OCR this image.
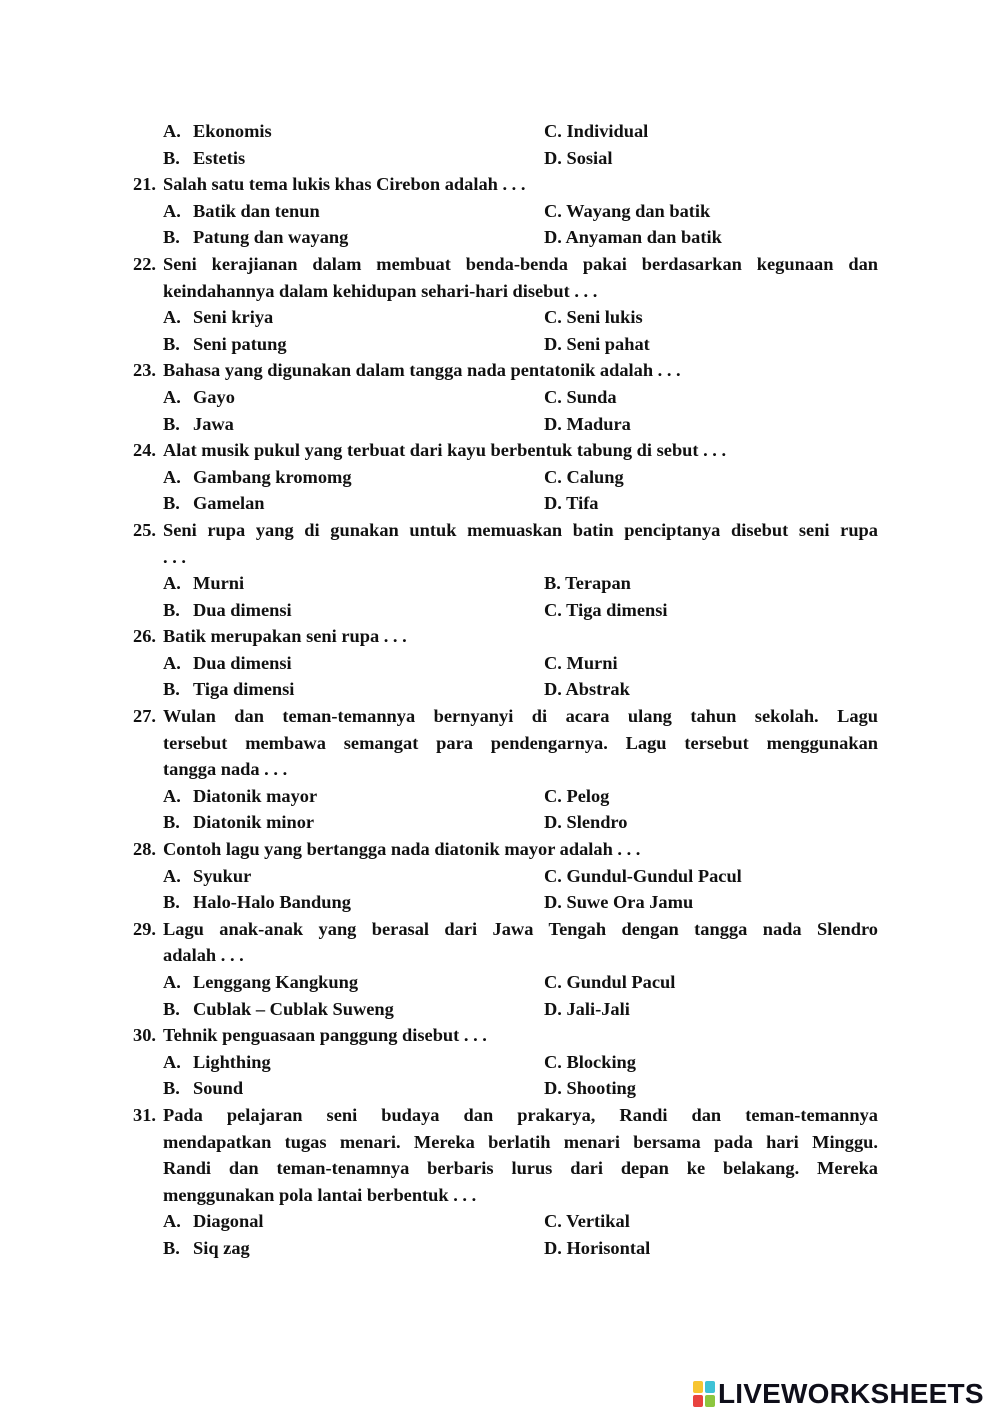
A. Ekonomis	C. Individual
B. Estetis	D. Sosial
21. Salah satu tema lukis khas Cirebon adalah . . .
A. Batik dan tenun	C. Wayang dan batik
B. Patung dan wayang	D. Anyaman dan batik
22. Seni kerajianan dalam membuat benda-benda pakai berdasarkan kegunaan dan
keindahannya dalam kehidupan sehari-hari disebut . . .
A. Seni kriya	C. Seni lukis
B. Seni patung	D. Seni pahat
23. Bahasa yang digunakan dalam tangga nada pentatonik adalah . . .
A. Gayo	C. Sunda
B. Jawa	D. Madura
24. Alat musik pukul yang terbuat dari kayu berbentuk tabung di sebut . . .
A. Gambang kromomg	C. Calung
B. Gamelan	D. Tifa
25. Seni rupa yang di gunakan untuk memuaskan batin penciptanya disebut seni rupa
. . .
A. Murni	B. Terapan
B. Dua dimensi	C. Tiga dimensi
26. Batik merupakan seni rupa . . .
A. Dua dimensi	C. Murni
B. Tiga dimensi	D. Abstrak
27. Wulan dan teman-temannya bernyanyi di acara ulang tahun sekolah. Lagu
tersebut membawa semangat para pendengarnya. Lagu tersebut menggunakan
tangga nada . . .
A. Diatonik mayor	C. Pelog
B. Diatonik minor	D. Slendro
28. Contoh lagu yang bertangga nada diatonik mayor adalah . . .
A. Syukur	C. Gundul-Gundul Pacul
B. Halo-Halo Bandung	D. Suwe Ora Jamu
29. Lagu anak-anak yang berasal dari Jawa Tengah dengan tangga nada Slendro
adalah . . .
A. Lenggang Kangkung	C. Gundul Pacul
B. Cublak – Cublak Suweng	D. Jali-Jali
30. Tehnik penguasaan panggung disebut . . .
A. Lighthing	C. Blocking
B. Sound	D. Shooting
31. Pada pelajaran seni budaya dan prakarya, Randi dan teman-temannya
mendapatkan tugas menari. Mereka berlatih menari bersama pada hari Minggu.
Randi dan teman-tenamnya berbaris lurus dari depan ke belakang. Mereka
menggunakan pola lantai berbentuk . . .
A. Diagonal	C. Vertikal
B. Siq zag	D. Horisontal
LIVEWORKSHEETS
